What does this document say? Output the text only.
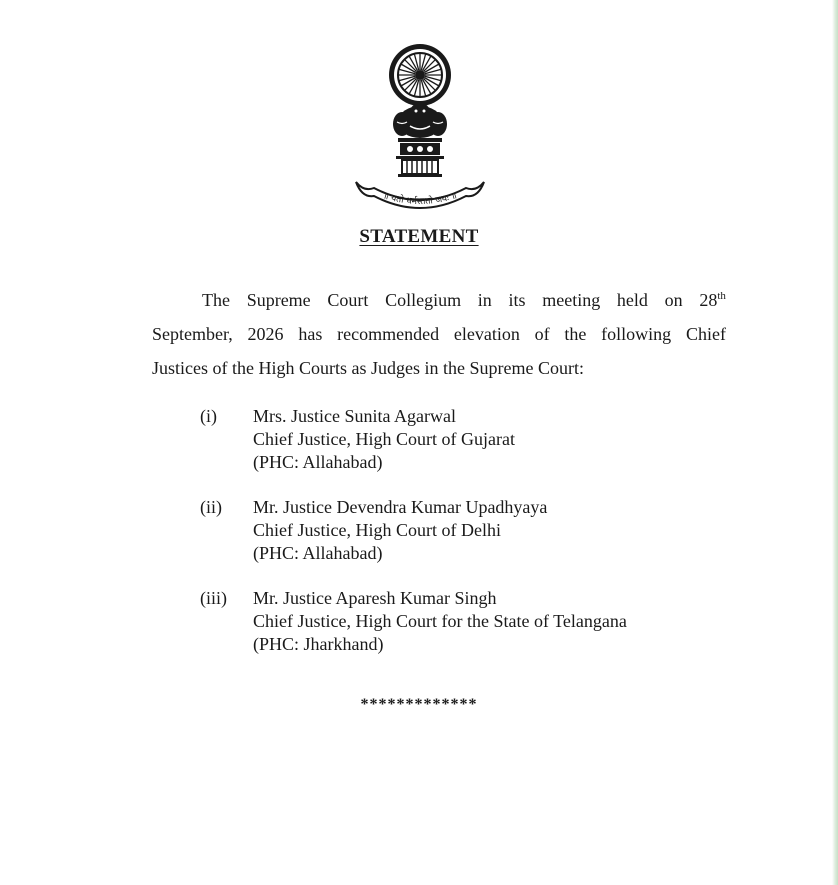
॥ यतो धर्मस्ततो जयः ॥
STATEMENT
The Supreme Court Collegium in its meeting held on 28th
September, 2026 has recommended elevation of the following Chief
Justices of the High Courts as Judges in the Supreme Court:
(i) Mrs. Justice Sunita Agarwal
Chief Justice, High Court of Gujarat
(PHC: Allahabad)
(ii) Mr. Justice Devendra Kumar Upadhyaya
Chief Justice, High Court of Delhi
(PHC: Allahabad)
(iii) Mr. Justice Aparesh Kumar Singh
Chief Justice, High Court for the State of Telangana
(PHC: Jharkhand)
*************
